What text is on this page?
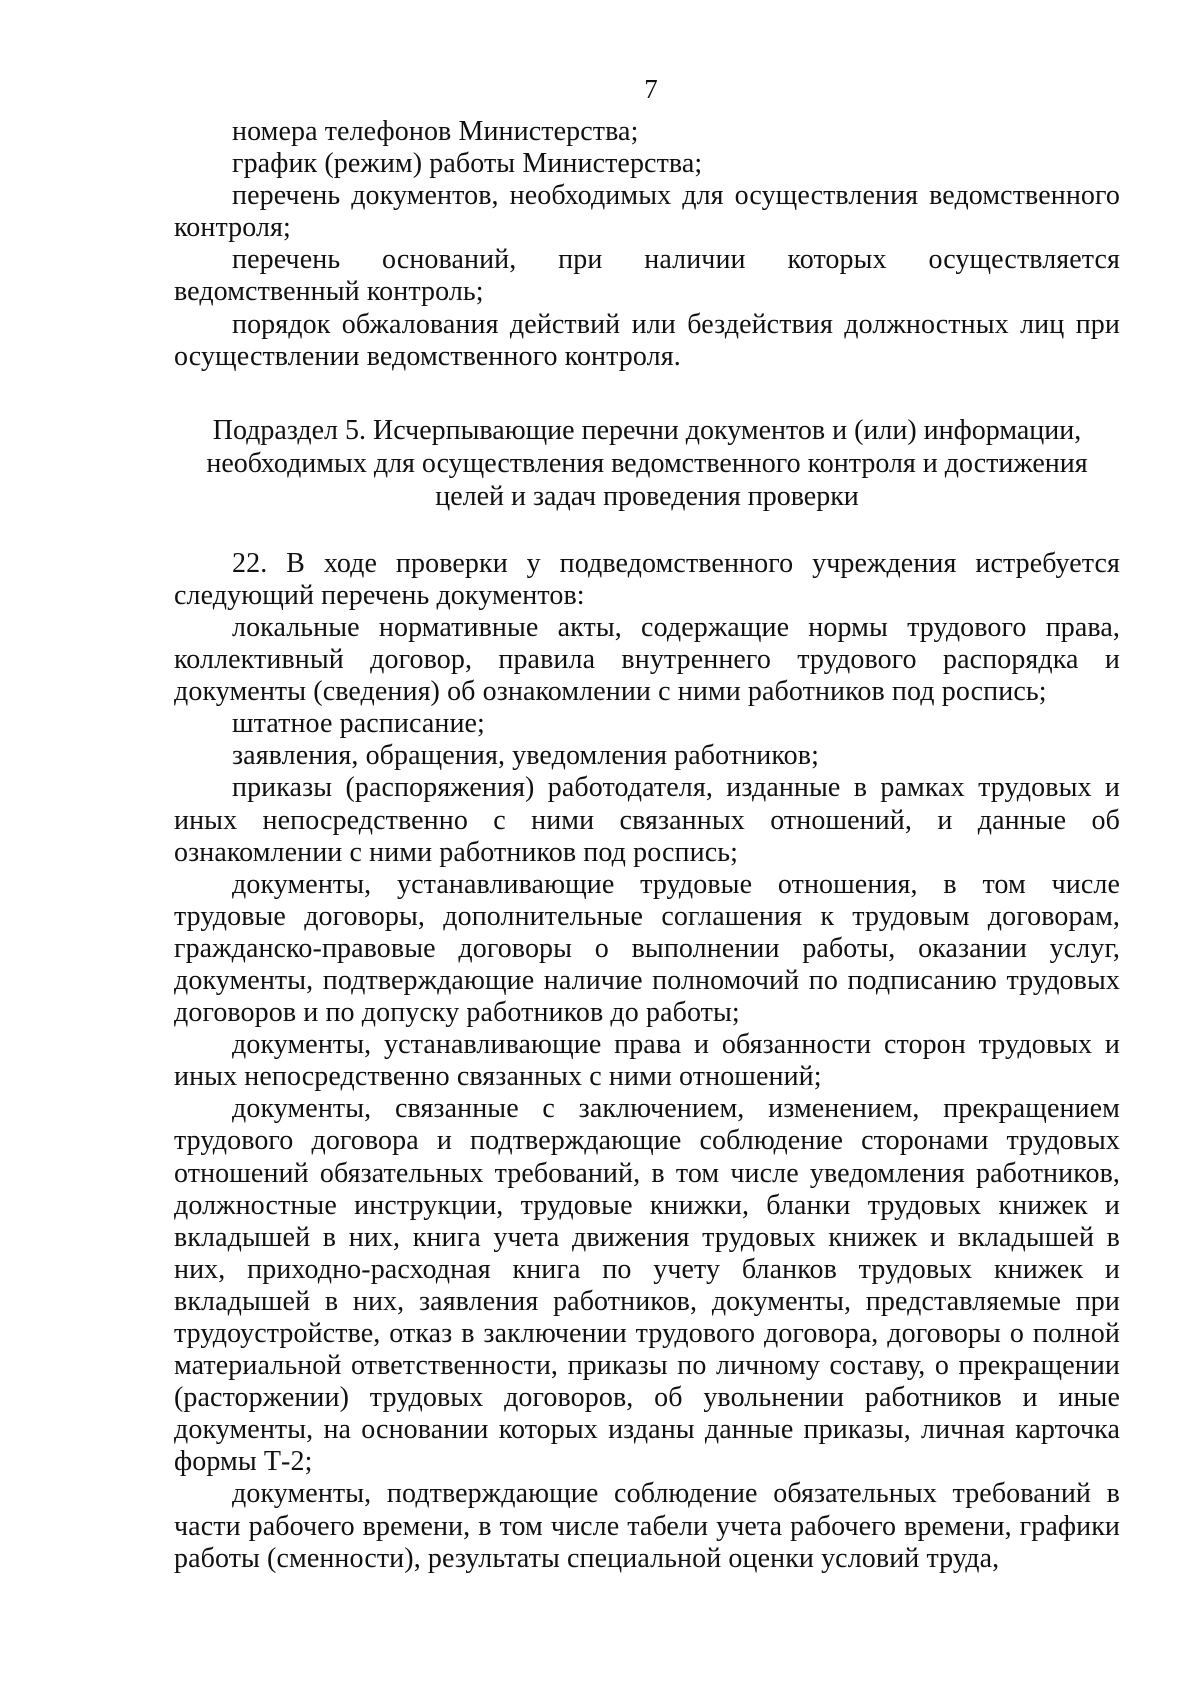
7

номера телефонов Министерства;

график (режим) работы Министерства;

перечень документов, необходимых для осуществления ведомственного контроля;

перечень оснований, при наличии которых осуществляется ведомственный контроль;

порядок обжалования действий или бездействия должностных лиц при осуществлении ведомственного контроля.

Подраздел 5. Исчерпывающие перечни документов и (или) информации,
необходимых для осуществления ведомственного контроля и достижения
целей и задач проведения проверки

22. В ходе проверки у подведомственного учреждения истребуется следующий перечень документов:

локальные нормативные акты, содержащие нормы трудового права, коллективный договор, правила внутреннего трудового распорядка и документы (сведения) об ознакомлении с ними работников под роспись;

штатное расписание;

заявления, обращения, уведомления работников;

приказы (распоряжения) работодателя, изданные в рамках трудовых и иных непосредственно с ними связанных отношений, и данные об ознакомлении с ними работников под роспись;

документы, устанавливающие трудовые отношения, в том числе трудовые договоры, дополнительные соглашения к трудовым договорам, гражданско-правовые договоры о выполнении работы, оказании услуг, документы, подтверждающие наличие полномочий по подписанию трудовых договоров и по допуску работников до работы;

документы, устанавливающие права и обязанности сторон трудовых и иных непосредственно связанных с ними отношений;

документы, связанные с заключением, изменением, прекращением трудового договора и подтверждающие соблюдение сторонами трудовых отношений обязательных требований, в том числе уведомления работников, должностные инструкции, трудовые книжки, бланки трудовых книжек и вкладышей в них, книга учета движения трудовых книжек и вкладышей в них, приходно-расходная книга по учету бланков трудовых книжек и вкладышей в них, заявления работников, документы, представляемые при трудоустройстве, отказ в заключении трудового договора, договоры о полной материальной ответственности, приказы по личному составу, о прекращении (расторжении) трудовых договоров, об увольнении работников и иные документы, на основании которых изданы данные приказы, личная карточка формы Т-2;

документы, подтверждающие соблюдение обязательных требований в части рабочего времени, в том числе табели учета рабочего времени, графики работы (сменности), результаты специальной оценки условий труда,
